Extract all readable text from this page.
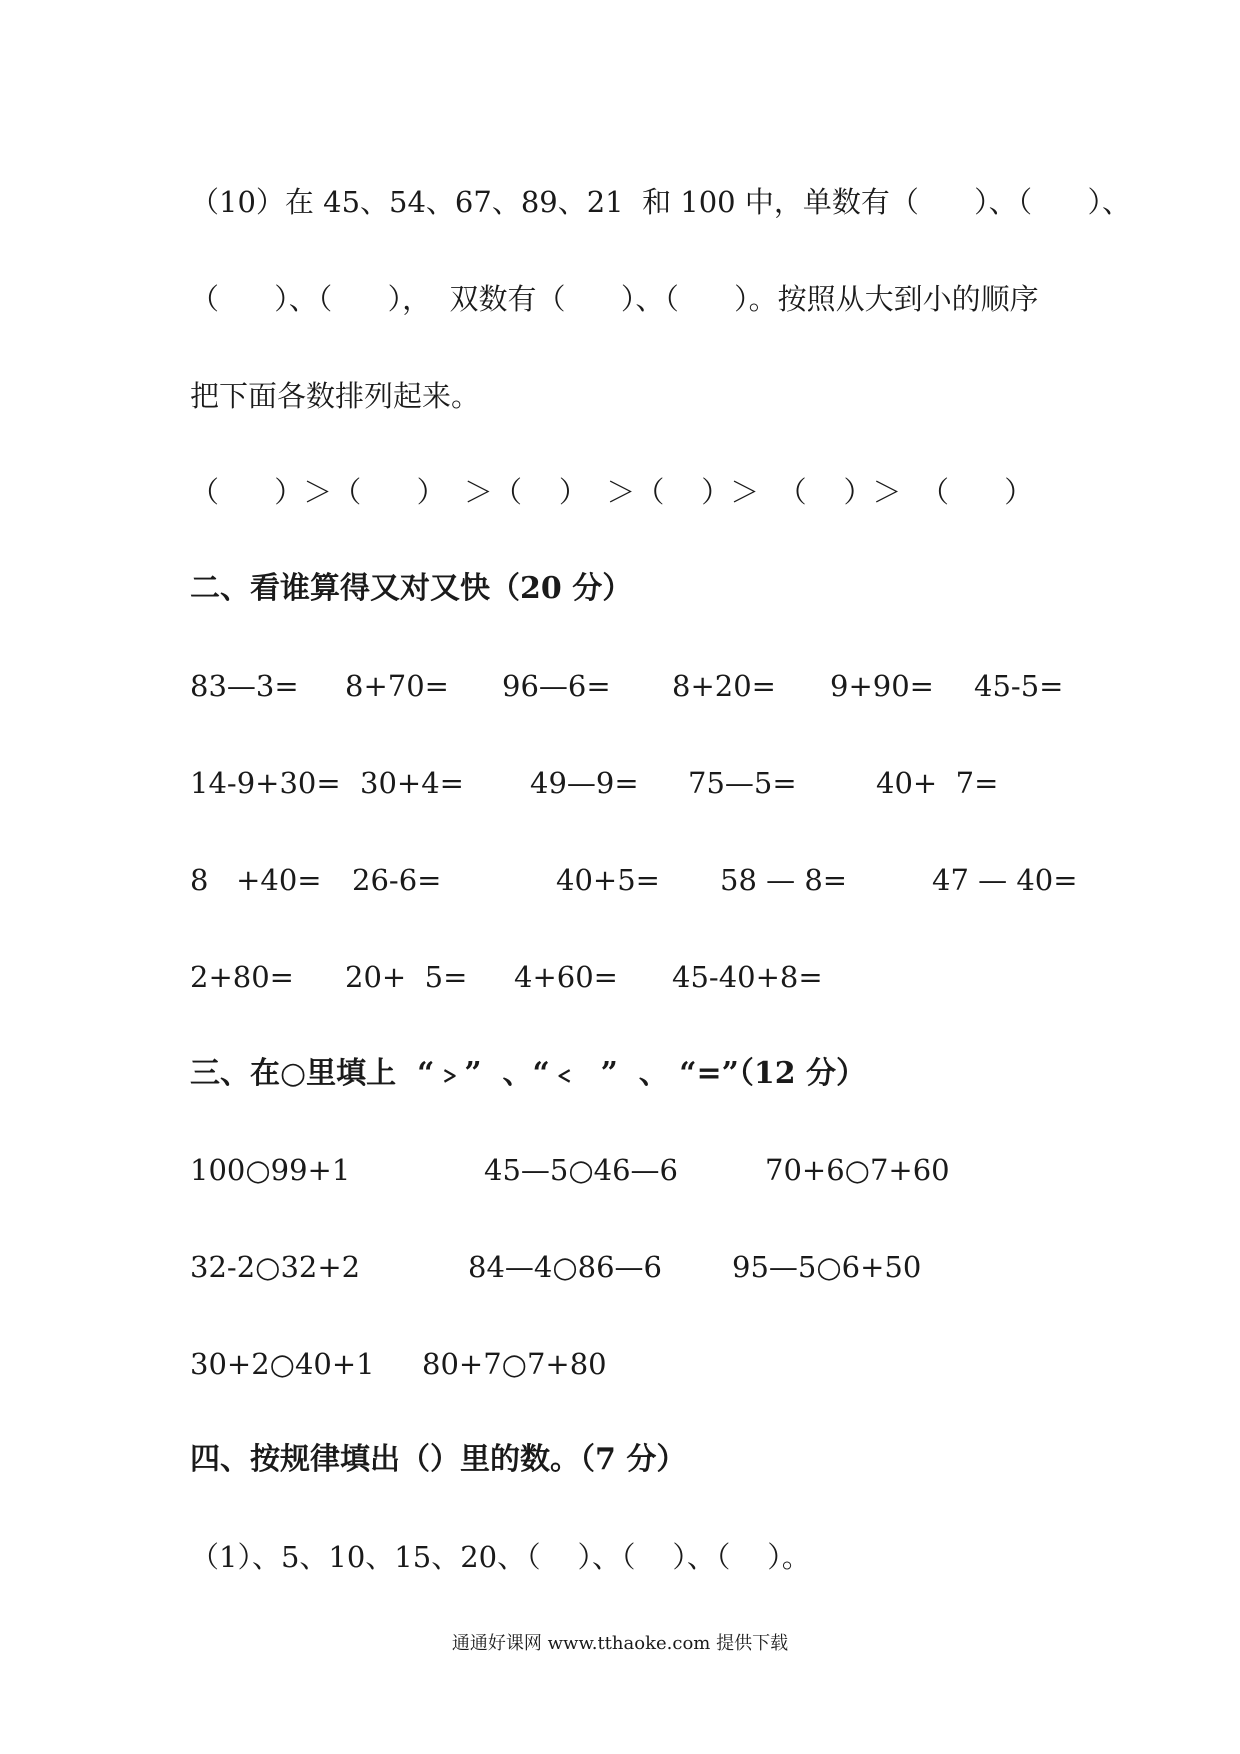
（10）在 45、54、67、89、21  和 100 中，单数有（      ）、（      ）、
（      ）、（      ），  双数有（      ）、（      ）。按照从大到小的顺序
把下面各数排列起来。
（      ）＞（      ）  ＞（    ）  ＞（    ）＞  （    ）＞  （      ）
二、看谁算得又对又快（20 分）
83—3= 8+70= 96—6= 8+20= 9+90= 45-5=
14-9+30= 30+4= 49—9= 75—5=	40+  7=
8   +40= 26-6=	40+5= 58 — 8=	47 — 40=
2+80= 20+  5= 4+60= 45-40+8=
三、在○里填上  “﹥”  、“﹤  ”  、 “=”（12 分）
100○99+1	45—5○46—6	70+6○7+60
32-2○32+2	84—4○86—6 95—5○6+50
30+2○40+1 80+7○7+80
四、按规律填出（）里的数。（7 分）
（1）、5、10、15、20、（    ）、（    ）、（    ）。
通通好课网 www.tthaoke.com 提供下载
